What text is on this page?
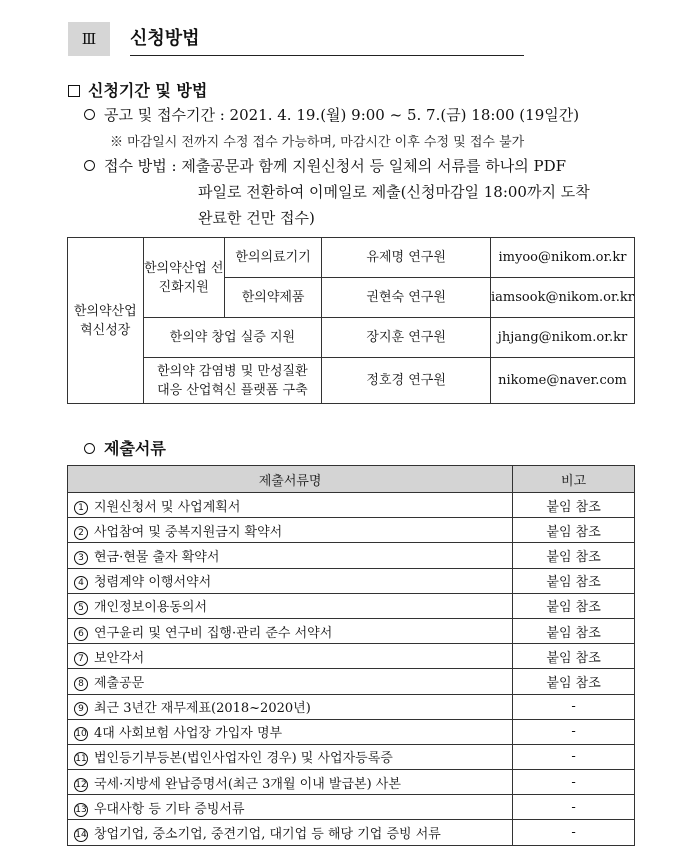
Ⅲ	신청방법
신청기간 및 방법
공고 및 접수기간 : 2021. 4. 19.(월) 9:00 ~ 5. 7.(금) 18:00 (19일간)
※ 마감일시 전까지 수정 접수 가능하며, 마감시간 이후 수정 및 접수 불가
접수 방법 : 제출공문과 함께 지원신청서 등 일체의 서류를 하나의 PDF
파일로 전환하여 이메일로 제출(신청마감일 18:00까지 도착
완료한 건만 접수)
한의약산업 혁신성장	한의약산업 선진화지원	한의의료기기	유제명 연구원	imyoo@nikom.or.kr
		한의약제품	권현숙 연구원	iamsook@nikom.or.kr
	한의약 창업 실증 지원		장지훈 연구원	jhjang@nikom.or.kr
	한의약 감염병 및 만성질환 대응 산업혁신 플랫폼 구축		정호경 연구원	nikome@naver.com
제출서류
제출서류명	비고
1 지원신청서 및 사업계획서	붙임 참조
2 사업참여 및 중복지원금지 확약서	붙임 참조
3 현금·현물 출자 확약서	붙임 참조
4 청렴계약 이행서약서	붙임 참조
5 개인정보이용동의서	붙임 참조
6 연구윤리 및 연구비 집행·관리 준수 서약서	붙임 참조
7 보안각서	붙임 참조
8 제출공문	붙임 참조
9 최근 3년간 재무제표(2018~2020년)	-
10 4대 사회보험 사업장 가입자 명부	-
11 법인등기부등본(법인사업자인 경우) 및 사업자등록증	-
12 국세·지방세 완납증명서(최근 3개월 이내 발급본) 사본	-
13 우대사항 등 기타 증빙서류	-
14 창업기업, 중소기업, 중견기업, 대기업 등 해당 기업 증빙 서류	-
